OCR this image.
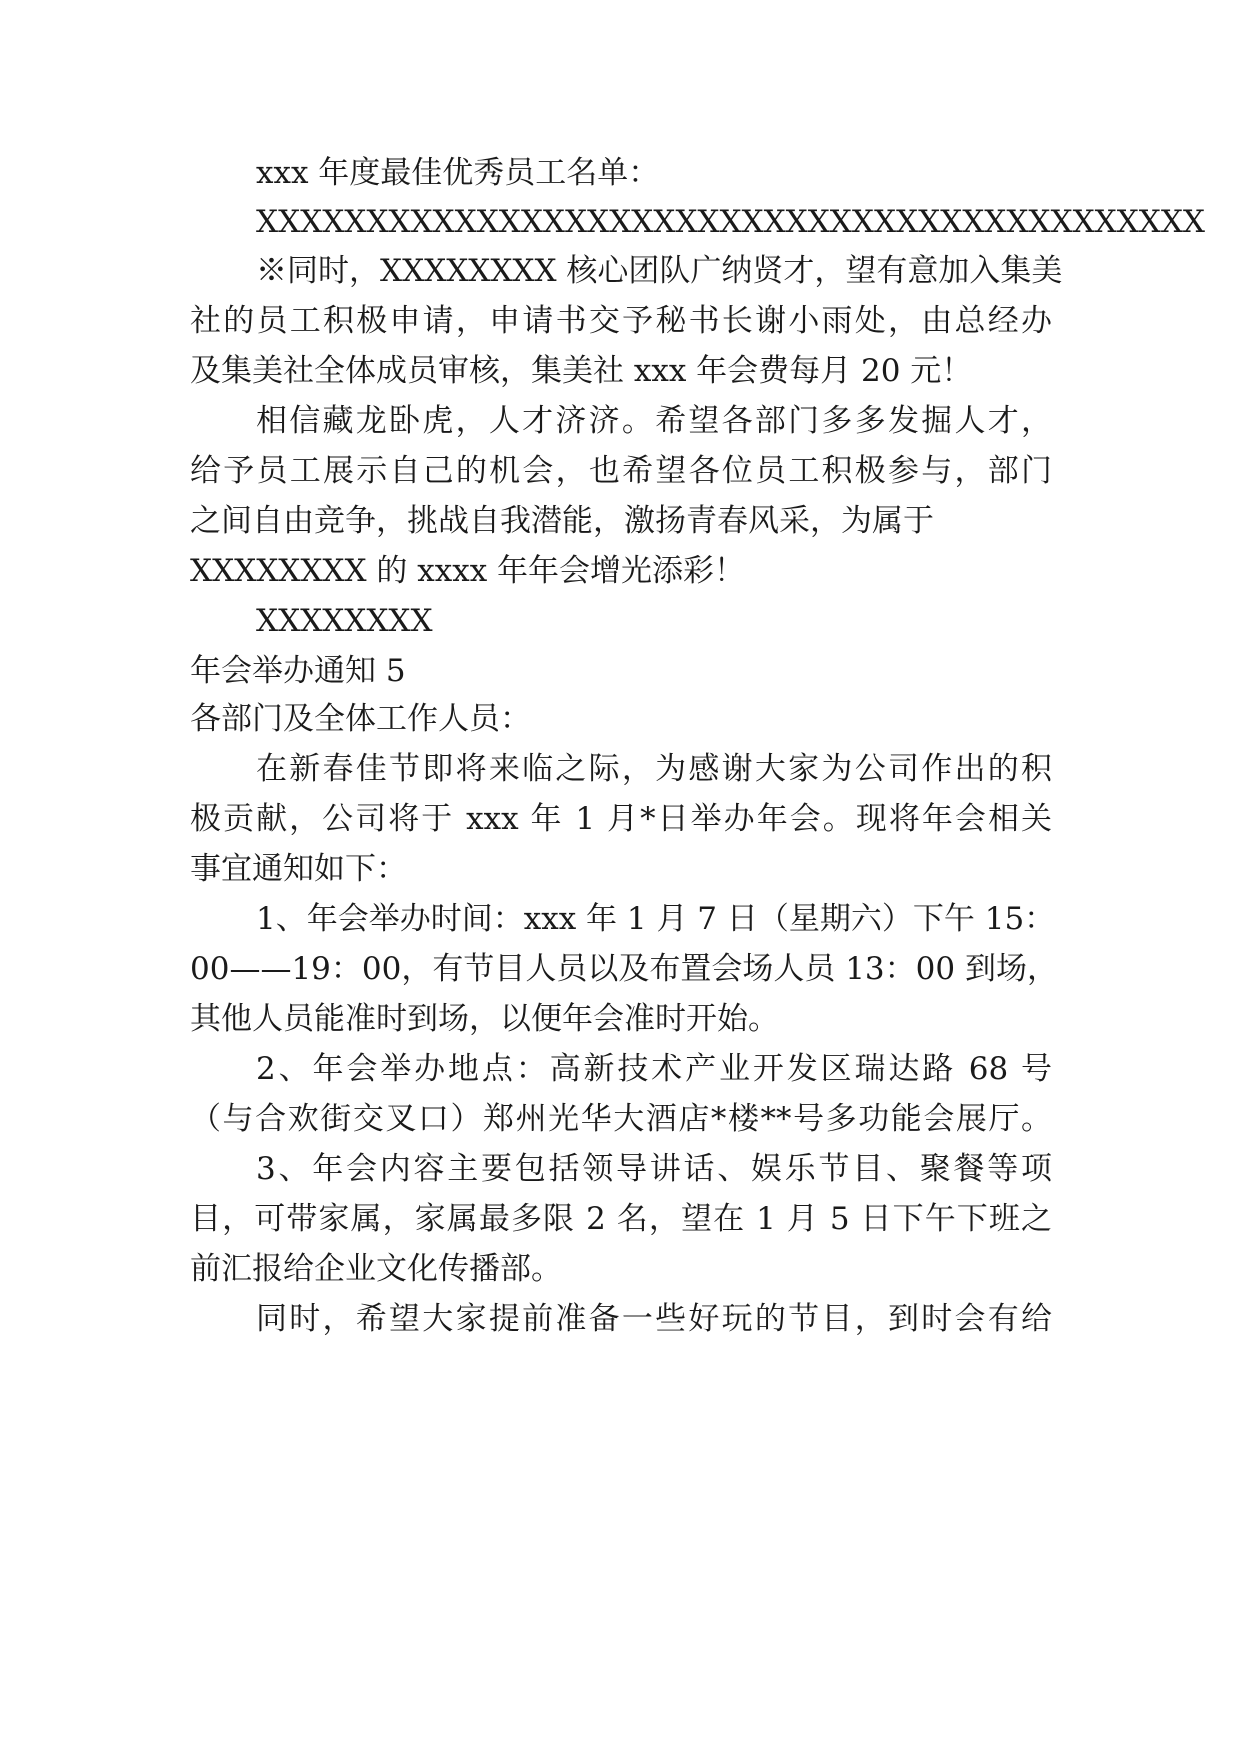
xxx 年度最佳优秀员工名单：
XXXXXXXXXXXXXXXXXXXXXXXXXXXXXXXXXXXXXXXXXXX
※同时，XXXXXXXX 核心团队广纳贤才，望有意加入集美
社的员工积极申请，申请书交予秘书长谢小雨处，由总经办
及集美社全体成员审核，集美社 xxx 年会费每月 20 元！
相信藏龙卧虎，人才济济。希望各部门多多发掘人才，
给予员工展示自己的机会，也希望各位员工积极参与，部门
之间自由竞争，挑战自我潜能，激扬青春风采，为属于
XXXXXXXX 的 xxxx 年年会增光添彩！
XXXXXXXX
年会举办通知 5
各部门及全体工作人员：
在新春佳节即将来临之际，为感谢大家为公司作出的积
极贡献，公司将于 xxx 年 1 月*日举办年会。现将年会相关
事宜通知如下：
1、年会举办时间：xxx 年 1 月 7 日（星期六）下午 15：
00——19：00，有节目人员以及布置会场人员 13：00 到场，
其他人员能准时到场，以便年会准时开始。
2、年会举办地点：高新技术产业开发区瑞达路 68 号
（与合欢街交叉口）郑州光华大酒店*楼**号多功能会展厅。
3、年会内容主要包括领导讲话、娱乐节目、聚餐等项
目，可带家属，家属最多限 2 名，望在 1 月 5 日下午下班之
前汇报给企业文化传播部。
同时，希望大家提前准备一些好玩的节目，到时会有给
